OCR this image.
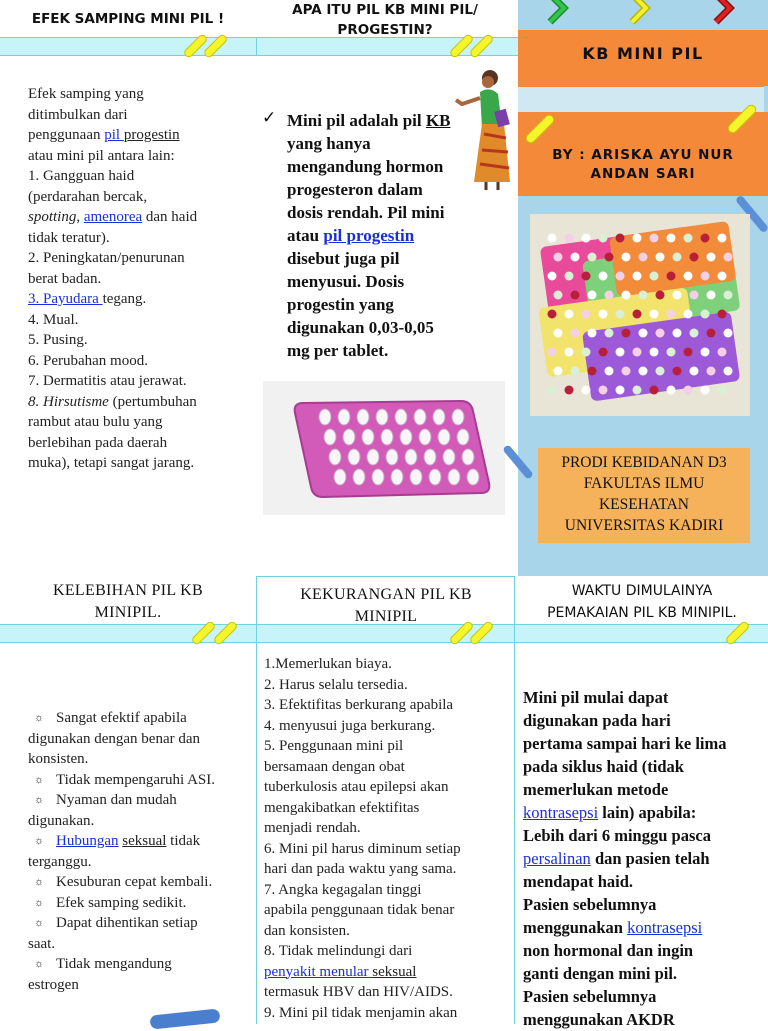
EFEK SAMPING MINI PIL !
Efek samping yang
ditimbulkan dari
penggunaan pil progestin
atau mini pil antara lain:
1. Gangguan haid
(perdarahan bercak,
spotting, amenorea dan haid
tidak teratur).
2. Peningkatan/penurunan
berat badan.
3. Payudara tegang.
4. Mual.
5. Pusing.
6. Perubahan mood.
7. Dermatitis atau jerawat.
8. Hirsutisme (pertumbuhan
rambut atau bulu yang
berlebihan pada daerah
muka), tetapi sangat jarang.
APA ITU PIL KB MINI PIL/
PROGESTIN?
✓ Mini pil adalah pil KB
yang hanya
mengandung hormon
progesteron dalam
dosis rendah. Pil mini
atau pil progestin
disebut juga pil
menyusui. Dosis
progestin yang
digunakan 0,03-0,05
mg per tablet.
KB MINI PIL
BY : ARISKA AYU NUR
ANDAN SARI
PRODI KEBIDANAN D3
FAKULTAS ILMU
KESEHATAN
UNIVERSITAS KADIRI
KELEBIHAN PIL KB
MINIPIL.
☼ Sangat efektif apabila
digunakan dengan benar dan
konsisten.
☼ Tidak mempengaruhi ASI.
☼ Nyaman dan mudah
digunakan.
☼ Hubungan seksual tidak
terganggu.
☼ Kesuburan cepat kembali.
☼ Efek samping sedikit.
☼ Dapat dihentikan setiap
saat.
☼ Tidak mengandung
estrogen
KEKURANGAN PIL KB
MINIPIL
1.Memerlukan biaya.
2. Harus selalu tersedia.
3. Efektifitas berkurang apabila
4. menyusui juga berkurang.
5. Penggunaan mini pil
bersamaan dengan obat
tuberkulosis atau epilepsi akan
mengakibatkan efektifitas
menjadi rendah.
6. Mini pil harus diminum setiap
hari dan pada waktu yang sama.
7. Angka kegagalan tinggi
apabila penggunaan tidak benar
dan konsisten.
8. Tidak melindungi dari
penyakit menular seksual
termasuk HBV dan HIV/AIDS.
9. Mini pil tidak menjamin akan
WAKTU DIMULAINYA
PEMAKAIAN PIL KB MINIPIL.
Mini pil mulai dapat
digunakan pada hari
pertama sampai hari ke lima
pada siklus haid (tidak
memerlukan metode
kontrasepsi lain) apabila:
Lebih dari 6 minggu pasca
persalinan dan pasien telah
mendapat haid.
Pasien sebelumnya
menggunakan kontrasepsi
non hormonal dan ingin
ganti dengan mini pil.
Pasien sebelumnya
menggunakan AKDR
